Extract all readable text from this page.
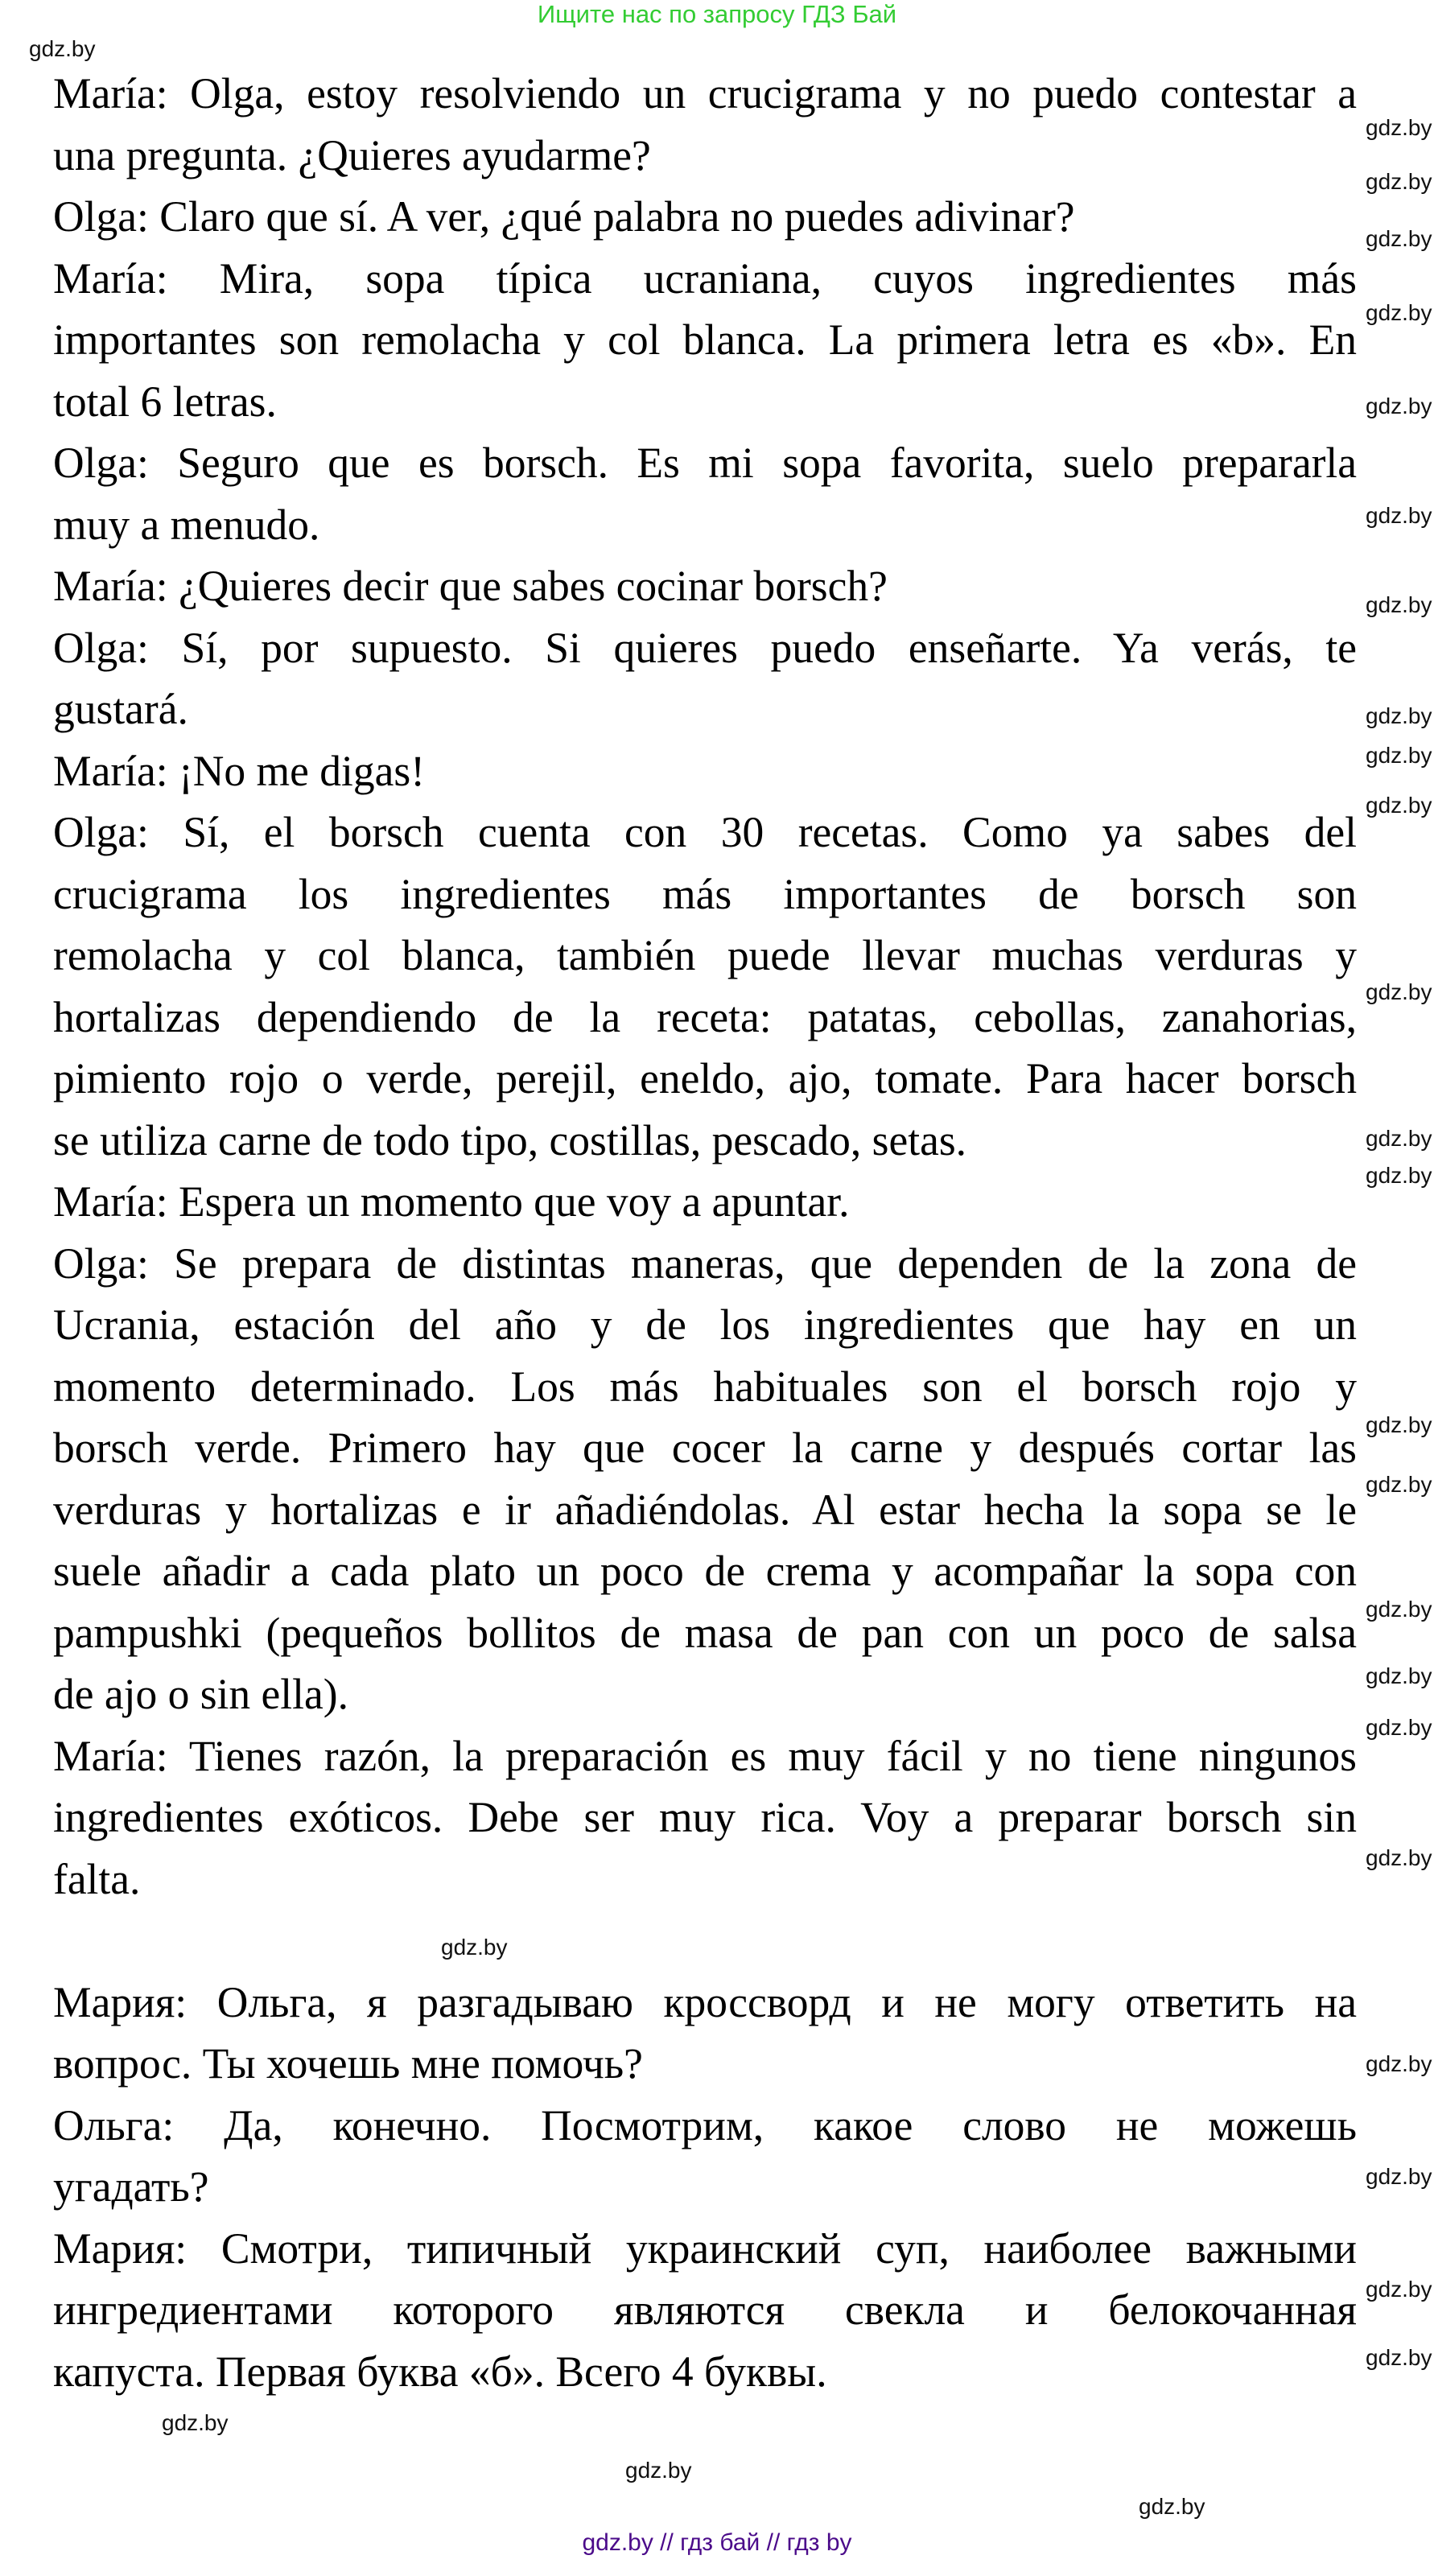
Ищите нас по запросу ГДЗ Бай
María: Olga, estoy resolviendo un crucigrama y no puedo contestar a
una pregunta. ¿Quieres ayudarme?
Olga: Claro que sí. A ver, ¿qué palabra no puedes adivinar?
María: Mira, sopa típica ucraniana, cuyos ingredientes más
importantes son remolacha y col blanca. La primera letra es «b». En
total 6 letras.
Olga: Seguro que es borsch. Es mi sopa favorita, suelo prepararla
muy a menudo.
María: ¿Quieres decir que sabes cocinar borsch?
Olga: Sí, por supuesto. Si quieres puedo enseñarte. Ya verás, te
gustará.
María: ¡No me digas!
Olga: Sí, el borsch cuenta con 30 recetas. Como ya sabes del
crucigrama los ingredientes más importantes de borsch son
remolacha y col blanca, también puede llevar muchas verduras y
hortalizas dependiendo de la receta: patatas, cebollas, zanahorias,
pimiento rojo o verde, perejil, eneldo, ajo, tomate. Para hacer borsch
se utiliza carne de todo tipo, costillas, pescado, setas.
María: Espera un momento que voy a apuntar.
Olga: Se prepara de distintas maneras, que dependen de la zona de
Ucrania, estación del año y de los ingredientes que hay en un
momento determinado. Los más habituales son el borsch rojo y
borsch verde. Primero hay que cocer la carne y después cortar las
verduras y hortalizas e ir añadiéndolas. Al estar hecha la sopa se le
suele añadir a cada plato un poco de crema y acompañar la sopa con
pampushki (pequeños bollitos de masa de pan con un poco de salsa
de ajo o sin ella).
María: Tienes razón, la preparación es muy fácil y no tiene ningunos
ingredientes exóticos. Debe ser muy rica. Voy a preparar borsch sin
falta.
Мария: Ольга, я разгадываю кроссворд и не могу ответить на
вопрос. Ты хочешь мне помочь?
Ольга: Да, конечно. Посмотрим, какое слово не можешь
угадать?
Мария: Смотри, типичный украинский суп, наиболее важными
ингредиентами которого являются свекла и белокочанная
капуста. Первая буква «б». Всего 4 буквы.
gdz.by
gdz.by
gdz.by
gdz.by
gdz.by
gdz.by
gdz.by
gdz.by
gdz.by
gdz.by
gdz.by
gdz.by
gdz.by
gdz.by
gdz.by
gdz.by
gdz.by
gdz.by
gdz.by
gdz.by
gdz.by
gdz.by
gdz.by
gdz.by
gdz.by
gdz.by
gdz.by
gdz.by
gdz.by // гдз бай // гдз by
